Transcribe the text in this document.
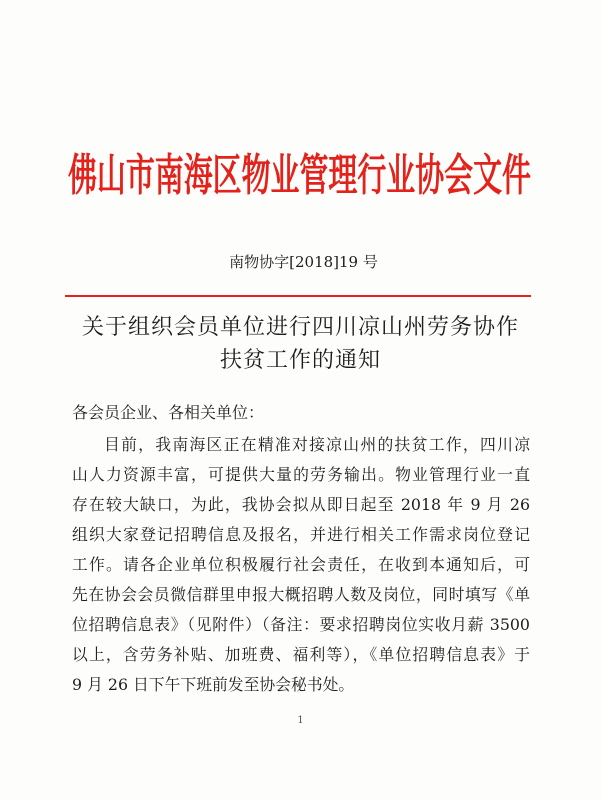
佛山市南海区物业管理行业协会文件
南物协字[2018]19 号
关于组织会员单位进行四川凉山州劳务协作
扶贫工作的通知
各会员企业、各相关单位：
目前，我南海区正在精准对接凉山州的扶贫工作，四川凉
山人力资源丰富，可提供大量的劳务输出。物业管理行业一直
存在较大缺口，为此，我协会拟从即日起至 2018 年 9 月 26
组织大家登记招聘信息及报名，并进行相关工作需求岗位登记
工作。请各企业单位积极履行社会责任，在收到本通知后，可
先在协会会员微信群里申报大概招聘人数及岗位，同时填写《单
位招聘信息表》（见附件）（备注：要求招聘岗位实收月薪 3500
以上，含劳务补贴、加班费、福利等），《单位招聘信息表》于
9 月 26 日下午下班前发至协会秘书处。
1
